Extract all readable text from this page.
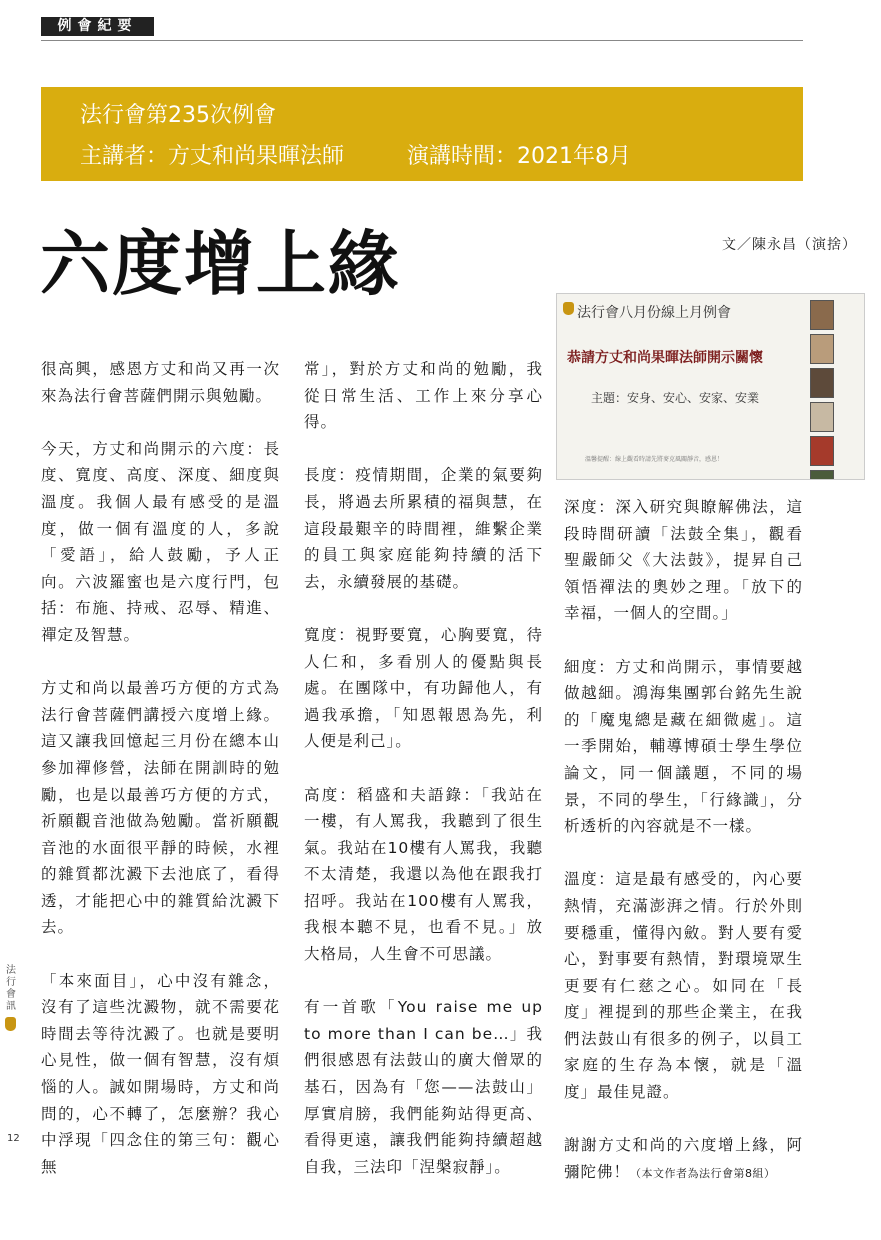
例會紀要
法行會第235次例會
主講者：方丈和尚果暉法師	演講時間：2021年8月
六度增上緣	文／陳永昌（演捨）
法行會八月份線上月例會
恭請方丈和尚果暉法師開示關懷
主題：安身、安心、安家、安業
溫馨提醒：線上觀看時請先將麥克風關靜音，感恩！

很高興，感恩方丈和尚又再一次來為法行會菩薩們開示與勉勵。

今天，方丈和尚開示的六度：長度、寬度、高度、深度、細度與溫度。我個人最有感受的是溫度，做一個有溫度的人，多說「愛語」，給人鼓勵，予人正向。六波羅蜜也是六度行門，包括：布施、持戒、忍辱、精進、禪定及智慧。

方丈和尚以最善巧方便的方式為法行會菩薩們講授六度增上緣。這又讓我回憶起三月份在總本山參加禪修營，法師在開訓時的勉勵，也是以最善巧方便的方式，祈願觀音池做為勉勵。當祈願觀音池的水面很平靜的時候，水裡的雜質都沈澱下去池底了，看得透，才能把心中的雜質給沈澱下去。

「本來面目」，心中沒有雜念，沒有了這些沈澱物，就不需要花時間去等待沈澱了。也就是要明心見性，做一個有智慧，沒有煩惱的人。誠如開場時，方丈和尚問的，心不轉了，怎麼辦？我心中浮現「四念住的第三句：觀心無

常」，對於方丈和尚的勉勵，我從日常生活、工作上來分享心得。

長度：疫情期間，企業的氣要夠長，將過去所累積的福與慧，在這段最艱辛的時間裡，維繫企業的員工與家庭能夠持續的活下去，永續發展的基礎。

寬度：視野要寬，心胸要寬，待人仁和，多看別人的優點與長處。在團隊中，有功歸他人，有過我承擔，「知恩報恩為先，利人便是利己」。

高度：稻盛和夫語錄：「我站在一樓，有人罵我，我聽到了很生氣。我站在10樓有人罵我，我聽不太清楚，我還以為他在跟我打招呼。我站在100樓有人罵我，我根本聽不見，也看不見。」放大格局，人生會不可思議。

有一首歌「You raise me up to more than I can be…」我們很感恩有法鼓山的廣大僧眾的基石，因為有「您——法鼓山」厚實肩膀，我們能夠站得更高、看得更遠，讓我們能夠持續超越自我，三法印「涅槃寂靜」。

深度：深入研究與瞭解佛法，這段時間研讀「法鼓全集」，觀看聖嚴師父《大法鼓》，提昇自己領悟禪法的奧妙之理。「放下的幸福，一個人的空間。」

細度：方丈和尚開示，事情要越做越細。鴻海集團郭台銘先生說的「魔鬼總是藏在細微處」。這一季開始，輔導博碩士學生學位論文，同一個議題，不同的場景，不同的學生，「行緣識」，分析透析的內容就是不一樣。

溫度：這是最有感受的，內心要熱情，充滿澎湃之情。行於外則要穩重，懂得內斂。對人要有愛心，對事要有熱情，對環境眾生更要有仁慈之心。如同在「長度」裡提到的那些企業主，在我們法鼓山有很多的例子，以員工家庭的生存為本懷，就是「溫度」最佳見證。

謝謝方丈和尚的六度增上緣，阿彌陀佛！（本文作者為法行會第8組）

法行會訊
12
